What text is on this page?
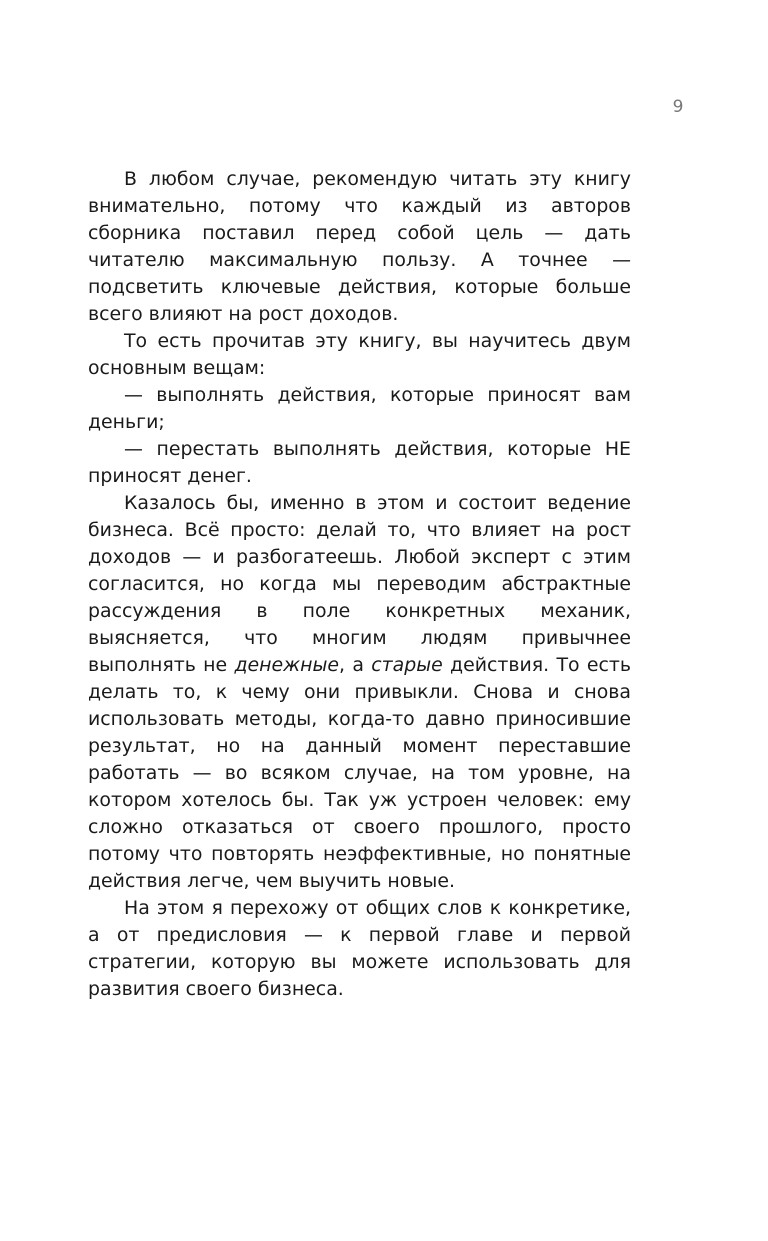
9

В любом случае, рекомендую читать эту книгу внимательно, потому что каждый из авторов сборника поставил перед собой цель — дать читателю максимальную пользу. А точнее — подсветить ключевые действия, которые больше всего влияют на рост доходов.

То есть прочитав эту книгу, вы научитесь двум основным вещам:

— выполнять действия, которые приносят вам деньги;

— перестать выполнять действия, которые НЕ приносят денег.

Казалось бы, именно в этом и состоит ведение бизнеса. Всё просто: делай то, что влияет на рост доходов — и разбогатеешь. Любой эксперт с этим согласится, но когда мы переводим абстрактные рассуждения в поле конкретных механик, выясняется, что многим людям привычнее выполнять не денежные, а старые действия. То есть делать то, к чему они привыкли. Снова и снова использовать методы, когда-то давно приносившие результат, но на данный момент переставшие работать — во всяком случае, на том уровне, на котором хотелось бы. Так уж устроен человек: ему сложно отказаться от своего прошлого, просто потому что повторять неэффективные, но понятные действия легче, чем выучить новые.

На этом я перехожу от общих слов к конкретике, а от предисловия — к первой главе и первой стратегии, которую вы можете использовать для развития своего бизнеса.
